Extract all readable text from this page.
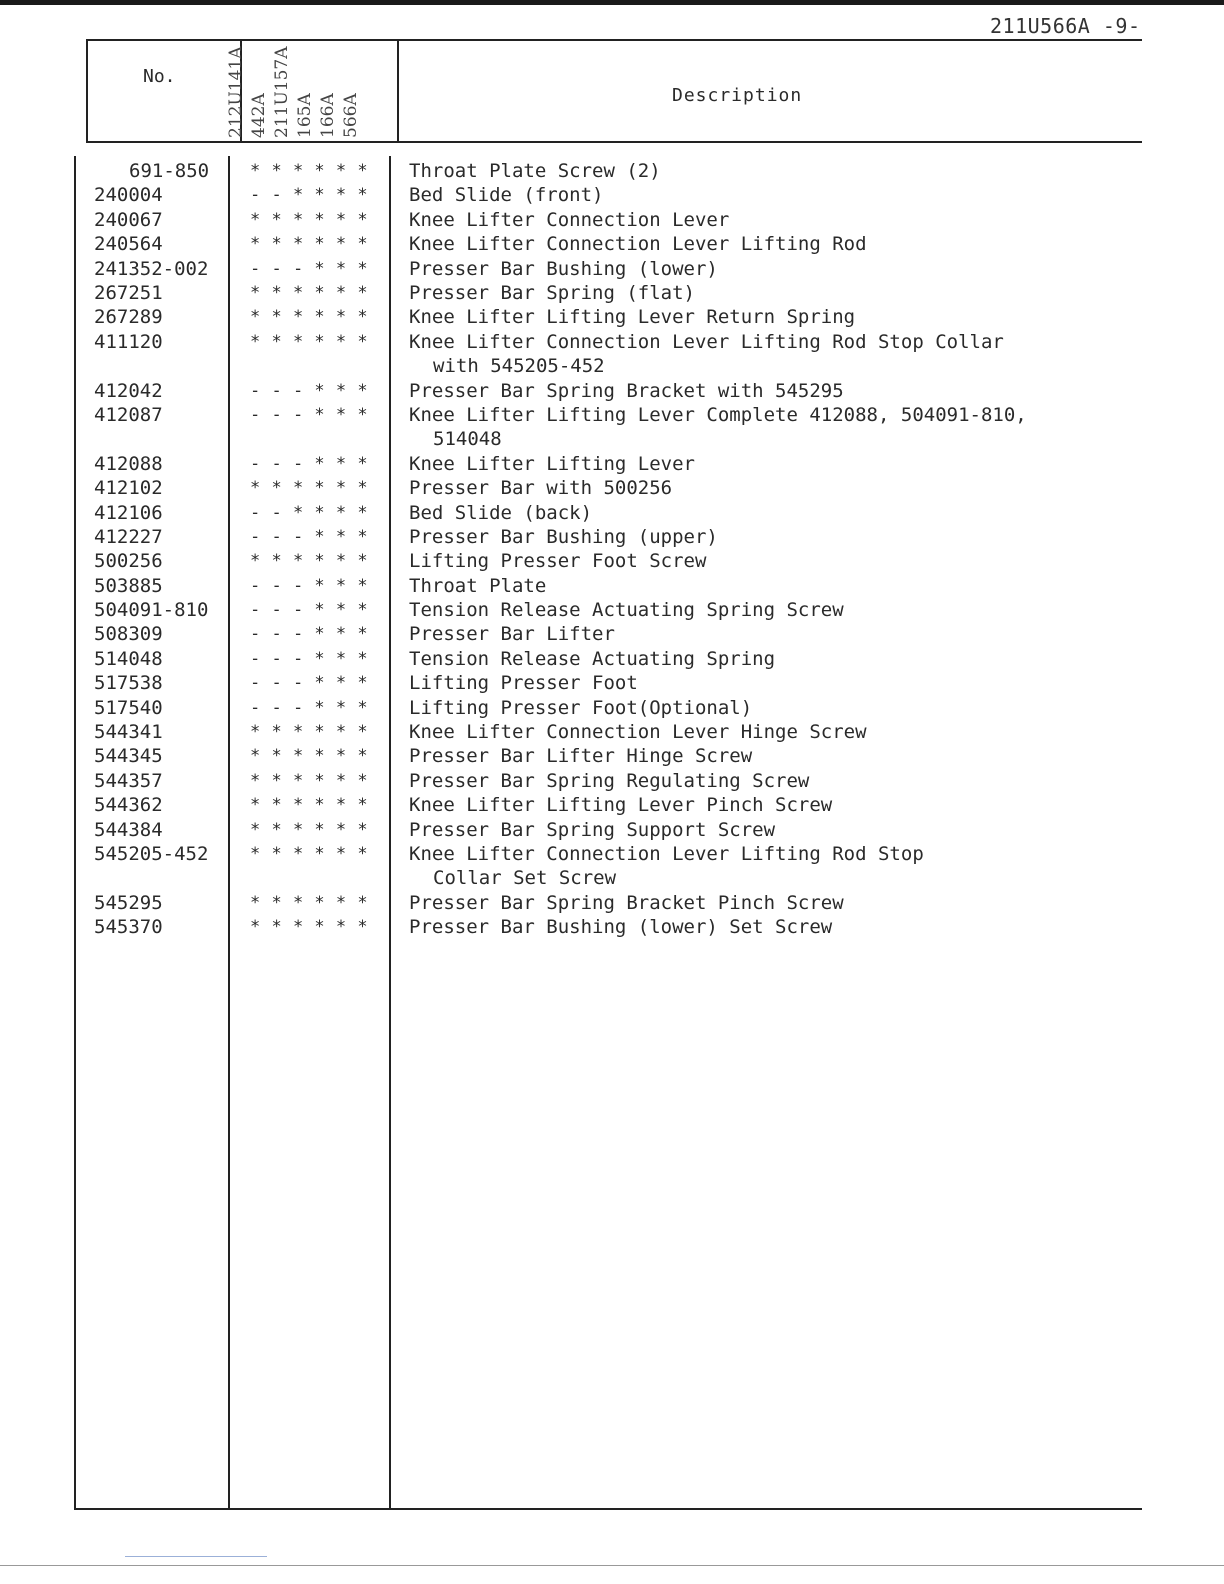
211U566A -9-
No.	212U141A 442A 211U157A 165A 166A 566A	Description
691-850 * * * * * * Throat Plate Screw (2)
240004	- - * * * * Bed Slide (front)
240067	* * * * * * Knee Lifter Connection Lever
240564	* * * * * * Knee Lifter Connection Lever Lifting Rod
241352-002 - - - * * * Presser Bar Bushing (lower)
267251	* * * * * * Presser Bar Spring (flat)
267289	* * * * * * Knee Lifter Lifting Lever Return Spring
411120	* * * * * * Knee Lifter Connection Lever Lifting Rod Stop Collar
with 545205-452
412042	- - - * * * Presser Bar Spring Bracket with 545295
412087	- - - * * * Knee Lifter Lifting Lever Complete 412088, 504091-810,
514048
412088	- - - * * * Knee Lifter Lifting Lever
412102	* * * * * * Presser Bar with 500256
412106	- - * * * * Bed Slide (back)
412227	- - - * * * Presser Bar Bushing (upper)
500256	* * * * * * Lifting Presser Foot Screw
503885	- - - * * * Throat Plate
504091-810 - - - * * * Tension Release Actuating Spring Screw
508309	- - - * * * Presser Bar Lifter
514048	- - - * * * Tension Release Actuating Spring
517538	- - - * * * Lifting Presser Foot
517540	- - - * * * Lifting Presser Foot(Optional)
544341	* * * * * * Knee Lifter Connection Lever Hinge Screw
544345	* * * * * * Presser Bar Lifter Hinge Screw
544357	* * * * * * Presser Bar Spring Regulating Screw
544362	* * * * * * Knee Lifter Lifting Lever Pinch Screw
544384	* * * * * * Presser Bar Spring Support Screw
545205-452 * * * * * * Knee Lifter Connection Lever Lifting Rod Stop
Collar Set Screw
545295	* * * * * * Presser Bar Spring Bracket Pinch Screw
545370	* * * * * * Presser Bar Bushing (lower) Set Screw
